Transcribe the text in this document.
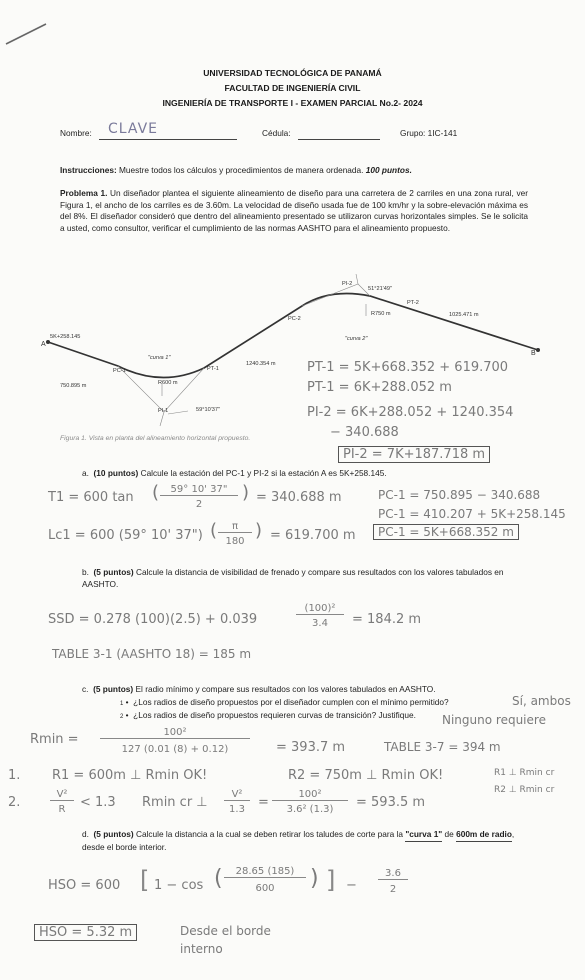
UNIVERSIDAD TECNOLÓGICA DE PANAMÁ
FACULTAD DE INGENIERÍA CIVIL
INGENIERÍA DE TRANSPORTE I - EXAMEN PARCIAL No.2- 2024
Nombre: CLAVE	Cédula:	Grupo: 1IC-141
Instrucciones: Muestre todos los cálculos y procedimientos de manera ordenada. 100 puntos.
Problema 1. Un diseñador plantea el siguiente alineamiento de diseño para una carretera de 2 carriles en una zona rural, ver Figura 1, el ancho de los carriles es de 3.60m. La velocidad de diseño usada fue de 100 km/hr y la sobre-elevación máxima es del 8%. El diseñador consideró que dentro del alineamiento presentado se utilizaron curvas horizontales simples. Se le solicita a usted, como consultor, verificar el cumplimiento de las normas AASHTO para el alineamiento propuesto.
5K+258.145
A
B
PC-1
"curva 1"
R600 m
PT-1
PI-1	59°10'37"
750.895 m
1240.354 m
PI-2
51°21'49"
PC-2
R750 m
PT-2
1025.471 m
"curva 2"
Figura 1. Vista en planta del alineamiento horizontal propuesto.
PT-1 = 5K+668.352 + 619.700
PT-1 = 6K+288.052 m
PI-2 = 6K+288.052 + 1240.354
− 340.688
PI-2 = 7K+187.718 m
a. (10 puntos) Calcule la estación del PC-1 y PI-2 si la estación A es 5K+258.145.
T1 = 600 tan (	59° 10' 37"
2
) = 340.688 m
Lc1 = 600 (59° 10' 37") (	π
180
) = 619.700 m
PC-1 = 750.895 − 340.688
PC-1 = 410.207 + 5K+258.145
PC-1 = 5K+668.352 m
b. (5 puntos) Calcule la distancia de visibilidad de frenado y compare sus resultados con los valores tabulados en AASHTO.
SSD = 0.278 (100)(2.5) + 0.039
(100)²
3.4	= 184.2 m
TABLE 3-1 (AASHTO 18) = 185 m
c. (5 puntos) El radio mínimo y compare sus resultados con los valores tabulados en AASHTO.
1 •  ¿Los radios de diseño propuestos por el diseñador cumplen con el mínimo permitido?
2 •  ¿Los radios de diseño propuestos requieren curvas de transición? Justifique.
Sí, ambos
Ninguno requiere
Rmin =	100²
127 (0.01 (8) + 0.12)	= 393.7 m	TABLE 3-7 = 394 m
1. R1 = 600m ⊥ Rmin OK!	R2 = 750m ⊥ Rmin OK!	R1 ⊥ Rmin cr
2.
V²
R	< 1.3 Rmin cr ⊥
V²
1.3	=
100²
3.6² (1.3)	= 593.5 m
R2 ⊥ Rmin cr
d. (5 puntos) Calcule la distancia a la cual se deben retirar los taludes de corte para la "curva 1" de 600m de radio, desde el borde interior.
HSO = 600 [ 1 − cos (	28.65 (185)
600	) ] −
3.6
2
HSO = 5.32 m	Desde el borde
interno
